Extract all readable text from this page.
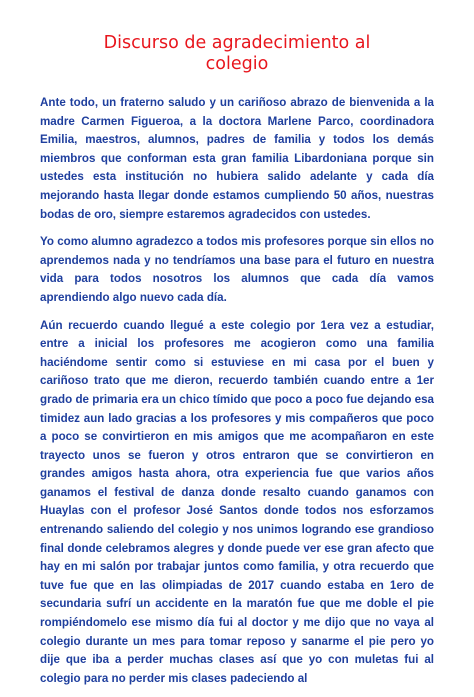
Discurso de agradecimiento al
colegio

Ante todo, un fraterno saludo y un cariñoso abrazo de bienvenida a la madre Carmen Figueroa, a la doctora Marlene Parco, coordinadora Emilia, maestros, alumnos, padres de familia y todos los demás miembros que conforman esta gran familia Libardoniana porque sin ustedes esta institución no hubiera salido adelante y cada día mejorando hasta llegar donde estamos cumpliendo 50 años, nuestras bodas de oro, siempre estaremos agradecidos con ustedes.

Yo como alumno agradezco a todos mis profesores porque sin ellos no aprendemos nada y no tendríamos una base para el futuro en nuestra vida para todos nosotros los alumnos que cada día vamos aprendiendo algo nuevo cada día.

Aún recuerdo cuando llegué a este colegio por 1era vez a estudiar, entre a inicial los profesores me acogieron como una familia haciéndome sentir como si estuviese en mi casa por el buen y cariñoso trato que me dieron, recuerdo también cuando entre a 1er grado de primaria era un chico tímido que poco a poco fue dejando esa timidez aun lado gracias a los profesores y mis compañeros que poco a poco se convirtieron en mis amigos que me acompañaron en este trayecto unos se fueron y otros entraron que se convirtieron en grandes amigos hasta ahora, otra experiencia fue que varios años ganamos el festival de danza donde resalto cuando ganamos con Huaylas con el profesor José Santos donde todos nos esforzamos entrenando saliendo del colegio y nos unimos logrando ese grandioso final donde celebramos alegres y donde puede ver ese gran afecto que hay en mi salón por trabajar juntos como familia, y otra recuerdo que tuve fue que en las olimpiadas de 2017 cuando estaba en 1ero de secundaria sufrí un accidente en la maratón fue que me doble el pie rompiéndomelo ese mismo día fui al doctor y me dijo que no vaya al colegio durante un mes para tomar reposo y sanarme el pie pero yo dije que iba a perder muchas clases así que yo con muletas fui al colegio para no perder mis clases padeciendo al
